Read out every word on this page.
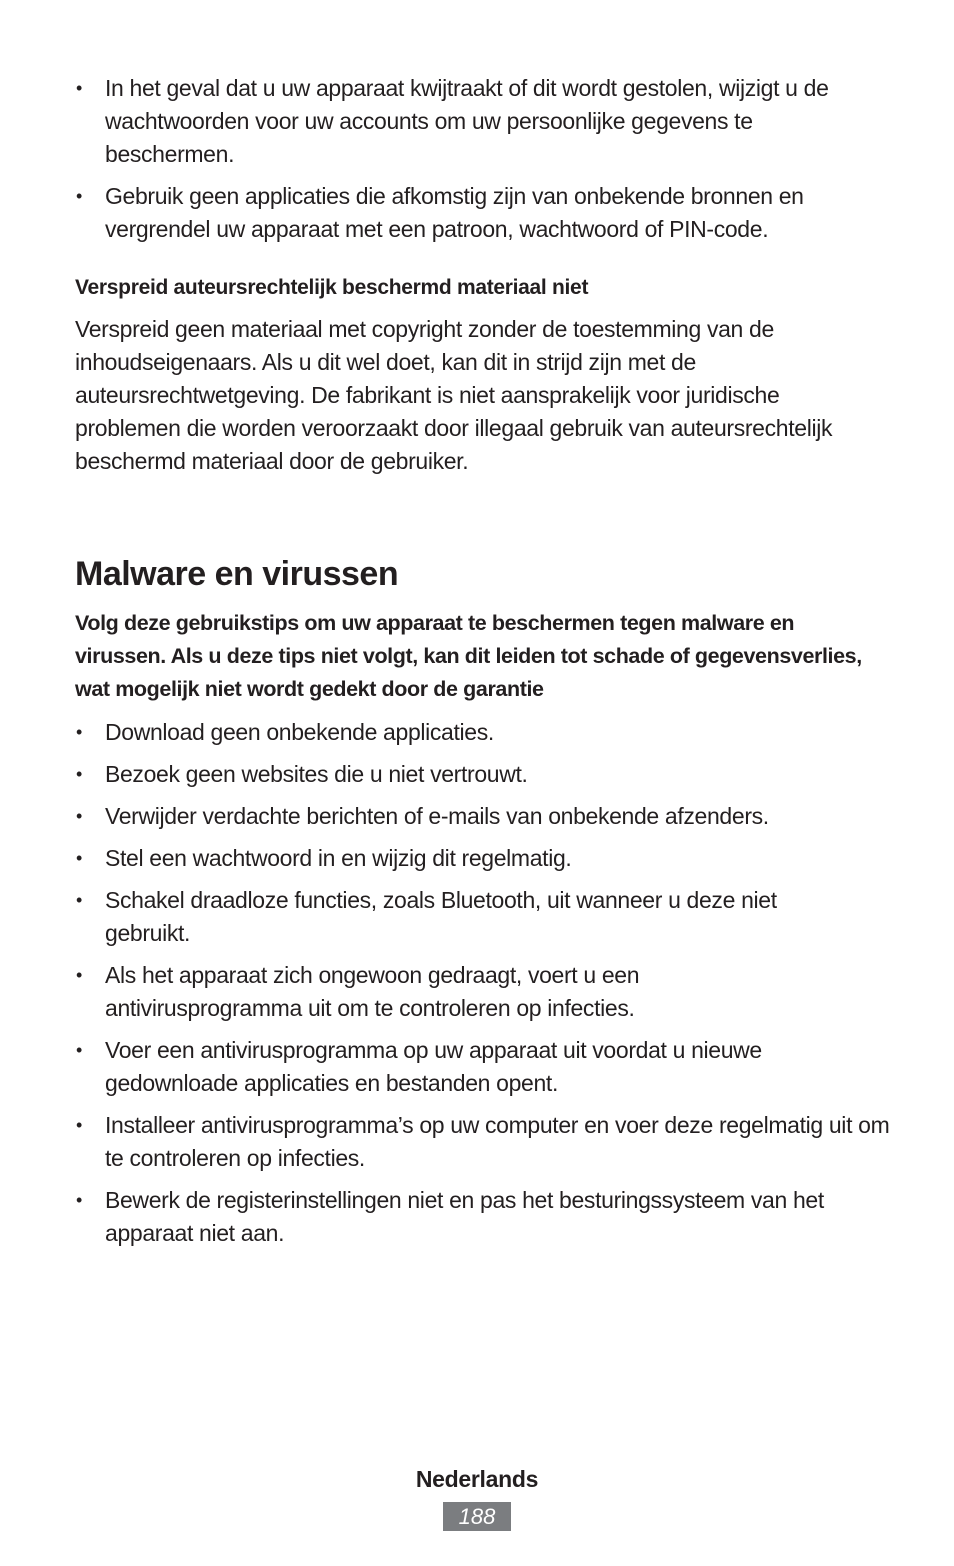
• In het geval dat u uw apparaat kwijtraakt of dit wordt gestolen, wijzigt u de wachtwoorden voor uw accounts om uw persoonlijke gegevens te beschermen.
• Gebruik geen applicaties die afkomstig zijn van onbekende bronnen en vergrendel uw apparaat met een patroon, wachtwoord of PIN-code.
Verspreid auteursrechtelijk beschermd materiaal niet

Verspreid geen materiaal met copyright zonder de toestemming van de inhoudseigenaars. Als u dit wel doet, kan dit in strijd zijn met de auteursrechtwetgeving. De fabrikant is niet aansprakelijk voor juridische problemen die worden veroorzaakt door illegaal gebruik van auteursrechtelijk beschermd materiaal door de gebruiker.

Malware en virussen

Volg deze gebruikstips om uw apparaat te beschermen tegen malware en virussen. Als u deze tips niet volgt, kan dit leiden tot schade of gegevensverlies, wat mogelijk niet wordt gedekt door de garantie

• Download geen onbekende applicaties.
• Bezoek geen websites die u niet vertrouwt.
• Verwijder verdachte berichten of e-mails van onbekende afzenders.
• Stel een wachtwoord in en wijzig dit regelmatig.
• Schakel draadloze functies, zoals Bluetooth, uit wanneer u deze niet gebruikt.
• Als het apparaat zich ongewoon gedraagt, voert u een antivirusprogramma uit om te controleren op infecties.
• Voer een antivirusprogramma op uw apparaat uit voordat u nieuwe gedownloade applicaties en bestanden opent.
• Installeer antivirusprogramma’s op uw computer en voer deze regelmatig uit om te controleren op infecties.
• Bewerk de registerinstellingen niet en pas het besturingssysteem van het apparaat niet aan.
Nederlands
188
